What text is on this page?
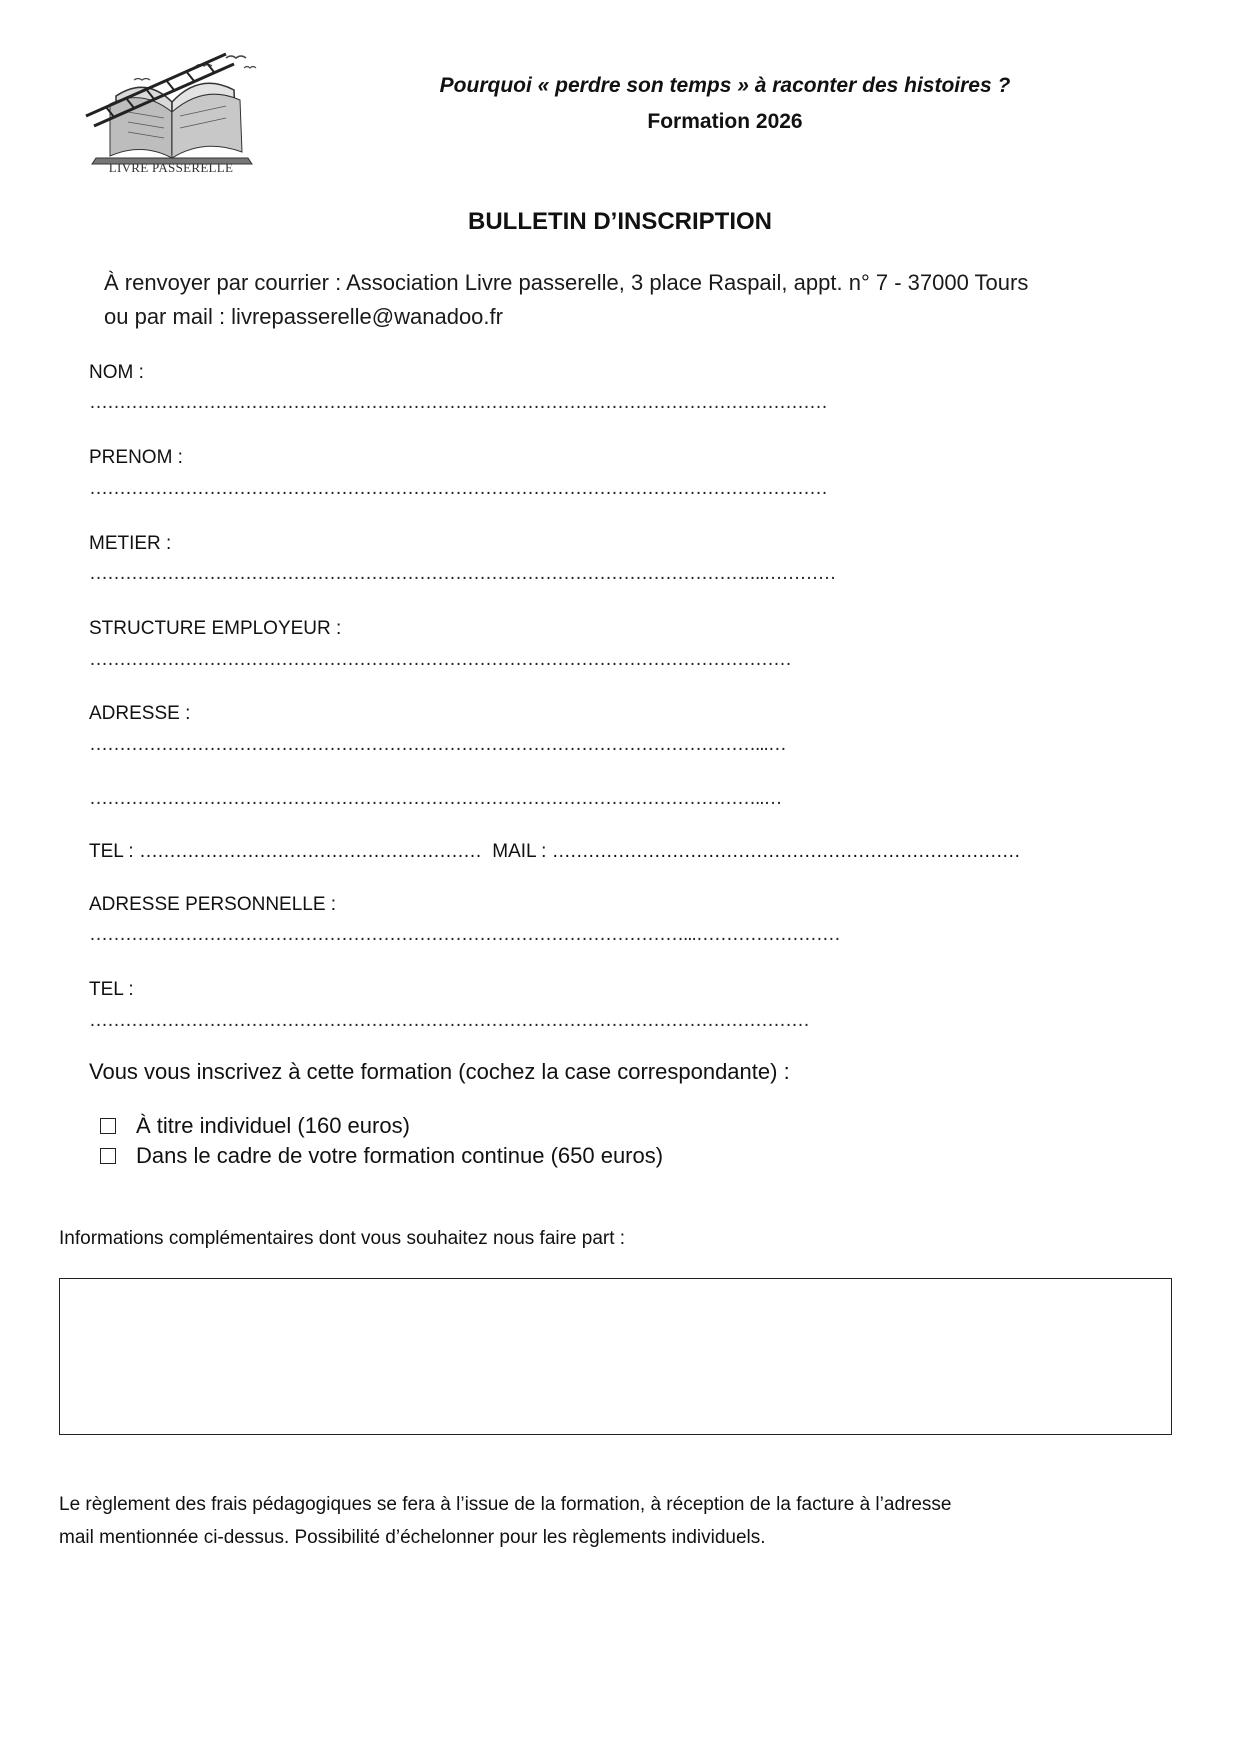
LIVRE PASSERELLE
Pourquoi « perdre son temps » à raconter des histoires ?
Formation 2026
BULLETIN D’INSCRIPTION
À renvoyer par courrier : Association Livre passerelle, 3 place Raspail, appt. n° 7 - 37000 Tours
ou par mail : livrepasserelle@wanadoo.fr
NOM :
……………………………………………………………………………………………………………
PRENOM :
……………………………………………………………………………………………………………
METIER :
…………………………………………………………………………………………………..…………
STRUCTURE EMPLOYEUR :
………………………………………………………………………………………………………
ADRESSE :
…………………………………………………………………………………………………...…
…………………………………………………………………………………………………..…
TEL : ………………………………………………… MAIL : ……………………………………………………………………
ADRESSE PERSONNELLE :
………………………………………………………………………………………...……………………
TEL :
…………………………………………………………………………………………………………
Vous vous inscrivez à cette formation (cochez la case correspondante) :
À titre individuel (160 euros)
Dans le cadre de votre formation continue (650 euros)
Informations complémentaires dont vous souhaitez nous faire part :
Le règlement des frais pédagogiques se fera à l’issue de la formation, à réception de la facture à l’adresse
mail mentionnée ci-dessus. Possibilité d’échelonner pour les règlements individuels.
